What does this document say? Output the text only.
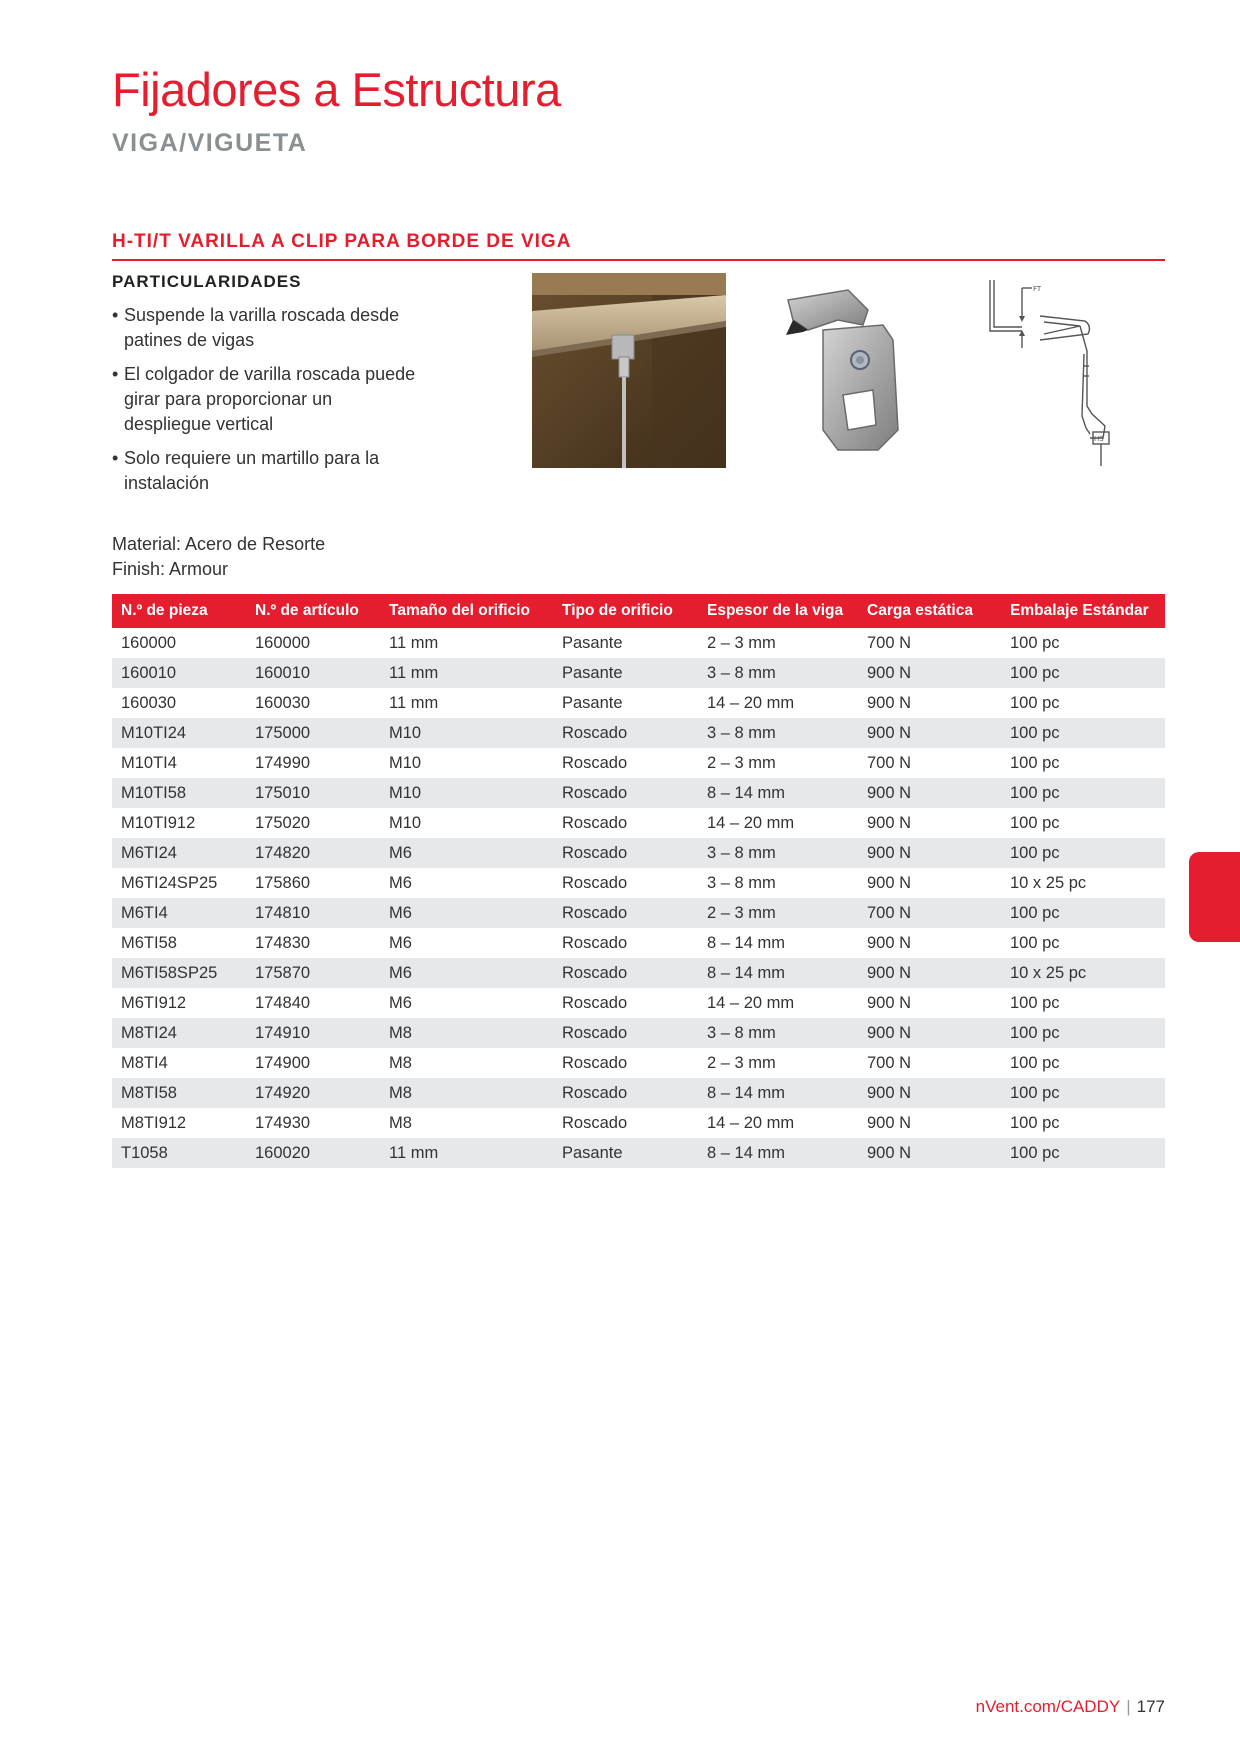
Fijadores a Estructura
VIGA/VIGUETA
H-TI/T VARILLA A CLIP PARA BORDE DE VIGA
PARTICULARIDADES
• Suspende la varilla roscada desde patines de vigas
• El colgador de varilla roscada puede girar para proporcionar un despliegue vertical
• Solo requiere un martillo para la instalación
Material: Acero de Resorte
Finish: Armour
FT
HS
N.º de pieza	N.º de artículo	Tamaño del orificio	Tipo de orificio	Espesor de la viga	Carga estática	Embalaje Estándar
160000	160000	11 mm	Pasante	2 – 3 mm	700 N	100 pc
160010	160010	11 mm	Pasante	3 – 8 mm	900 N	100 pc
160030	160030	11 mm	Pasante	14 – 20 mm	900 N	100 pc
M10TI24	175000	M10	Roscado	3 – 8 mm	900 N	100 pc
M10TI4	174990	M10	Roscado	2 – 3 mm	700 N	100 pc
M10TI58	175010	M10	Roscado	8 – 14 mm	900 N	100 pc
M10TI912	175020	M10	Roscado	14 – 20 mm	900 N	100 pc
M6TI24	174820	M6	Roscado	3 – 8 mm	900 N	100 pc
M6TI24SP25	175860	M6	Roscado	3 – 8 mm	900 N	10 x 25 pc
M6TI4	174810	M6	Roscado	2 – 3 mm	700 N	100 pc
M6TI58	174830	M6	Roscado	8 – 14 mm	900 N	100 pc
M6TI58SP25	175870	M6	Roscado	8 – 14 mm	900 N	10 x 25 pc
M6TI912	174840	M6	Roscado	14 – 20 mm	900 N	100 pc
M8TI24	174910	M8	Roscado	3 – 8 mm	900 N	100 pc
M8TI4	174900	M8	Roscado	2 – 3 mm	700 N	100 pc
M8TI58	174920	M8	Roscado	8 – 14 mm	900 N	100 pc
M8TI912	174930	M8	Roscado	14 – 20 mm	900 N	100 pc
T1058	160020	11 mm	Pasante	8 – 14 mm	900 N	100 pc
nVent.com/CADDY | 177
